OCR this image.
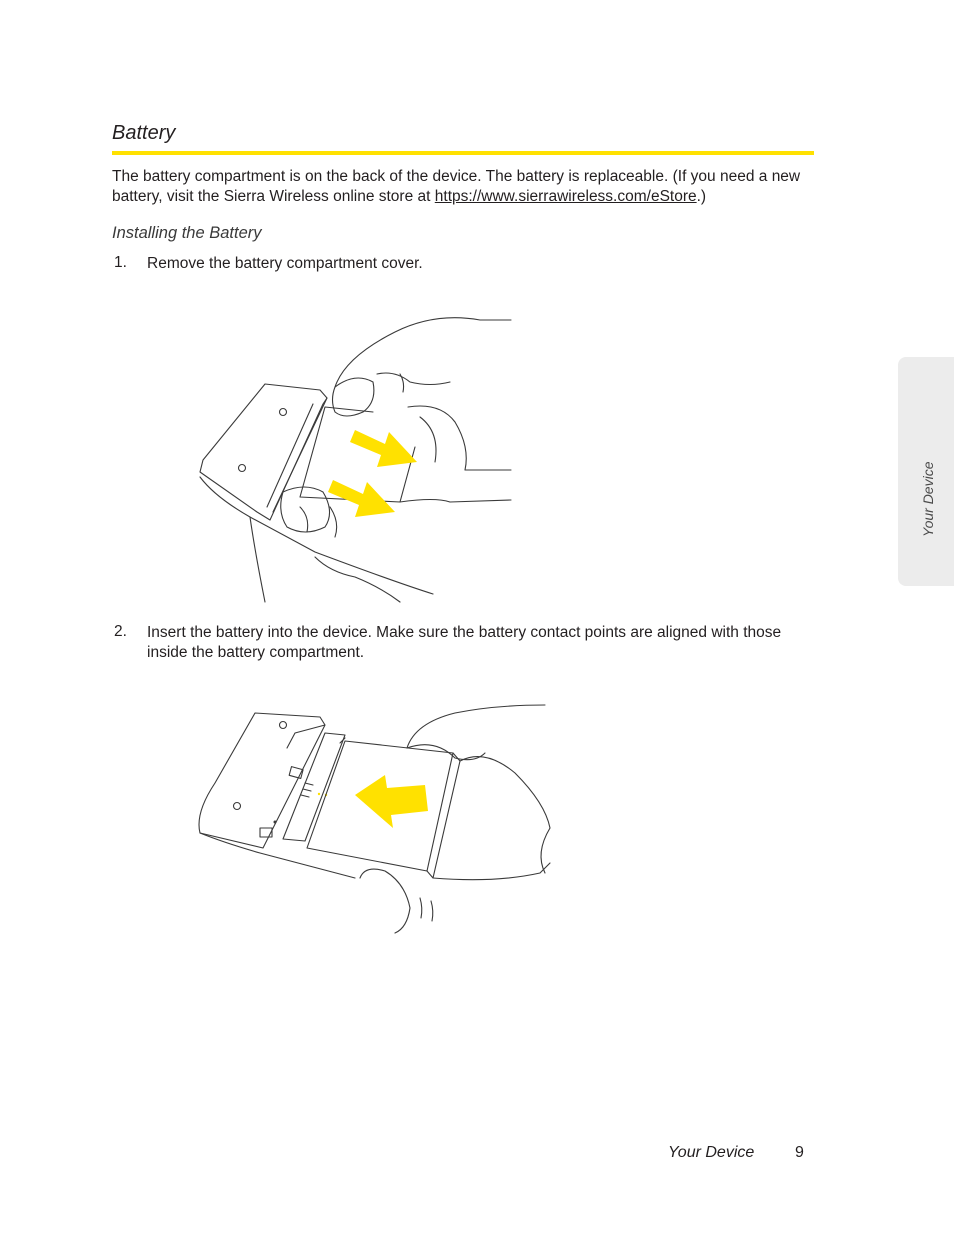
Battery

The battery compartment is on the back of the device. The battery is replaceable. (If you need a new battery, visit the Sierra Wireless online store at https://www.sierrawireless.com/eStore.)

Installing the Battery
1. Remove the battery compartment cover.
2. Insert the battery into the device. Make sure the battery contact points are aligned with those inside the battery compartment.
Your Device
Your Device	9
